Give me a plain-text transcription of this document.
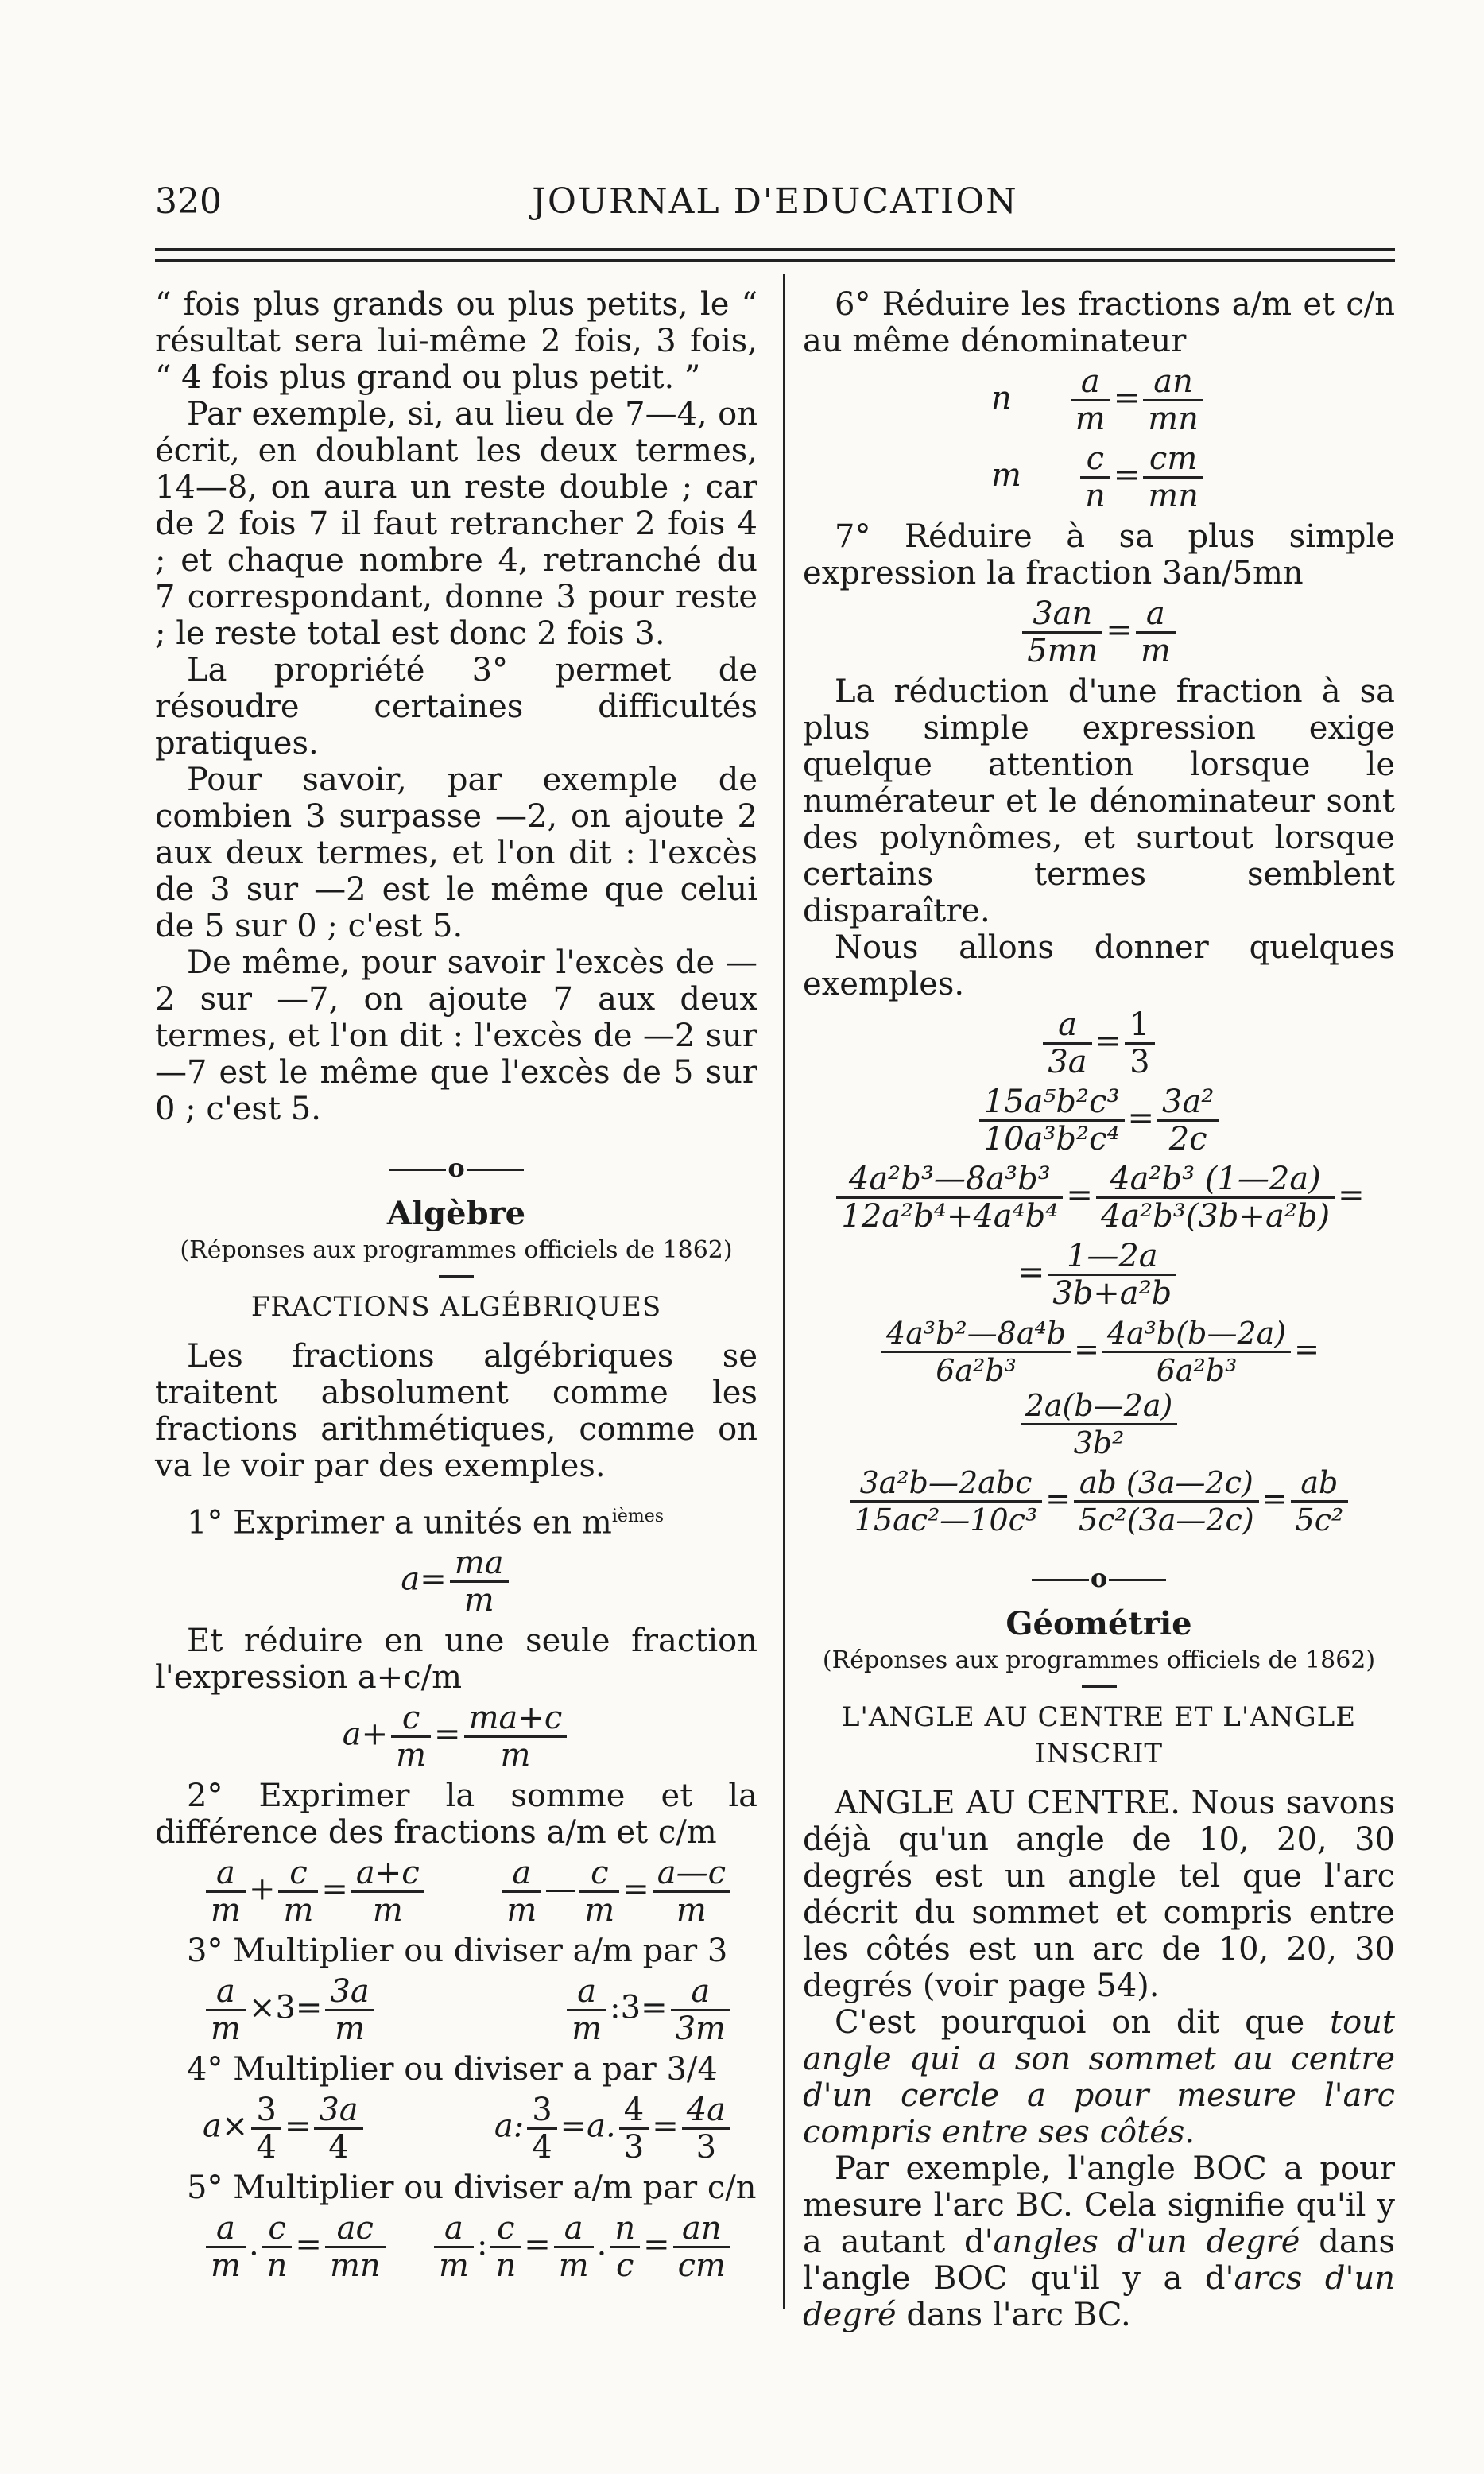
320	JOURNAL D'EDUCATION

“ fois plus grands ou plus petits, le “ résultat sera lui-même 2 fois, 3 fois, “ 4 fois plus grand ou plus petit. ”

Par exemple, si, au lieu de 7—4, on écrit, en doublant les deux termes, 14—8, on aura un reste double ; car de 2 fois 7 il faut retrancher 2 fois 4 ; et chaque nombre 4, retranché du 7 correspondant, donne 3 pour reste ; le reste total est donc 2 fois 3.

La propriété 3° permet de résoudre certaines difficultés pratiques.

Pour savoir, par exemple de combien 3 surpasse —2, on ajoute 2 aux deux termes, et l'on dit : l'excès de 3 sur —2 est le même que celui de 5 sur 0 ; c'est 5.

De même, pour savoir l'excès de —2 sur —7, on ajoute 7 aux deux termes, et l'on dit : l'excès de —2 sur —7 est le même que l'excès de 5 sur 0 ; c'est 5.

o
Algèbre
(Réponses aux programmes officiels de 1862)
FRACTIONS ALGÉBRIQUES

Les fractions algébriques se traitent absolument comme les fractions arithmétiques, comme on va le voir par des exemples.

1° Exprimer a unités en $m^{ièmes}$

$a= \frac{ma}{m}$

Et réduire en une seule fraction l'expression a+c/m

$a+ \frac{c}{m} = \frac{ma+c}{m}$

2° Exprimer la somme et la différence des fractions a/m et c/m

$\frac{a}{m} + \frac{c}{m} = \frac{a+c}{m} \frac{a}{m}$ — $\frac{c}{m} = \frac{a—c}{m}$

3° Multiplier ou diviser a/m par 3

$\frac{a}{m} \times 3= \frac{3a}{m}$	$\frac{a}{m}$ :3= $\frac{a}{3m}$

4° Multiplier ou diviser a par 3/4

$a\times \frac{3}{4} = \frac{3a}{4}$	a: $\frac{3}{4} =a$. $\frac{4}{3} = \frac{4a}{3}$

5° Multiplier ou diviser a/m par c/n

$\frac{a}{m}$ . $\frac{c}{n} = \frac{ac}{mn} \frac{a}{m}$ : $\frac{c}{n} = \frac{a}{m}$ . $\frac{n}{c} = \frac{an}{cm}$

6° Réduire les fractions a/m et c/n au même dénominateur

n $\frac{a}{m} = \frac{an}{mn}$
m $\frac{c}{n} = \frac{cm}{mn}$

7° Réduire à sa plus simple expression la fraction 3an/5mn

$\frac{3an}{5mn} = \frac{a}{m}$

La réduction d'une fraction à sa plus simple expression exige quelque attention lorsque le numérateur et le dénominateur sont des polynômes, et surtout lorsque certains termes semblent disparaître.

Nous allons donner quelques exemples.

$\frac{a}{3a} = \frac{1}{3}$
$\frac{\text{15a⁵b²c³}}{\text{10a³b²c⁴}} = \frac{\text{3a²}}{2c}$
$\frac{\text{4a²b³—8a³b³}}{\text{12a²b⁴+4a⁴b⁴}} = \frac{\text{4a²b³ (1—2a)}}{\text{4a²b³(3b+a²b)}}$ =
= $\frac{1—2a}{\text{3b+a²b}}$
$\frac{\text{4a³b²—8a⁴b}}{\text{6a²b³}} = \frac{\text{4a³b(b—2a)}}{\text{6a²b³}}$ =
$\frac{2a(b—2a)}{\text{3b²}}$
3a²b—2abc
15ac²—10c³
= $\frac{ab (3a—2c)}{\text{5c²(3a—2c)}} = \frac{ab}{\text{5c²}}$
o
Géométrie
(Réponses aux programmes officiels de 1862)
L'ANGLE AU CENTRE ET L'ANGLE INSCRIT

ANGLE AU CENTRE. Nous savons déjà qu'un angle de 10, 20, 30 degrés est un angle tel que l'arc décrit du sommet et compris entre les côtés est un arc de 10, 20, 30 degrés (voir page 54).

C'est pourquoi on dit que tout angle qui a son sommet au centre d'un cercle a pour mesure l'arc compris entre ses côtés.

Par exemple, l'angle BOC a pour mesure l'arc BC. Cela signifie qu'il y a autant d'angles d'un degré dans l'angle BOC qu'il y a d'arcs d'un degré dans l'arc BC.
